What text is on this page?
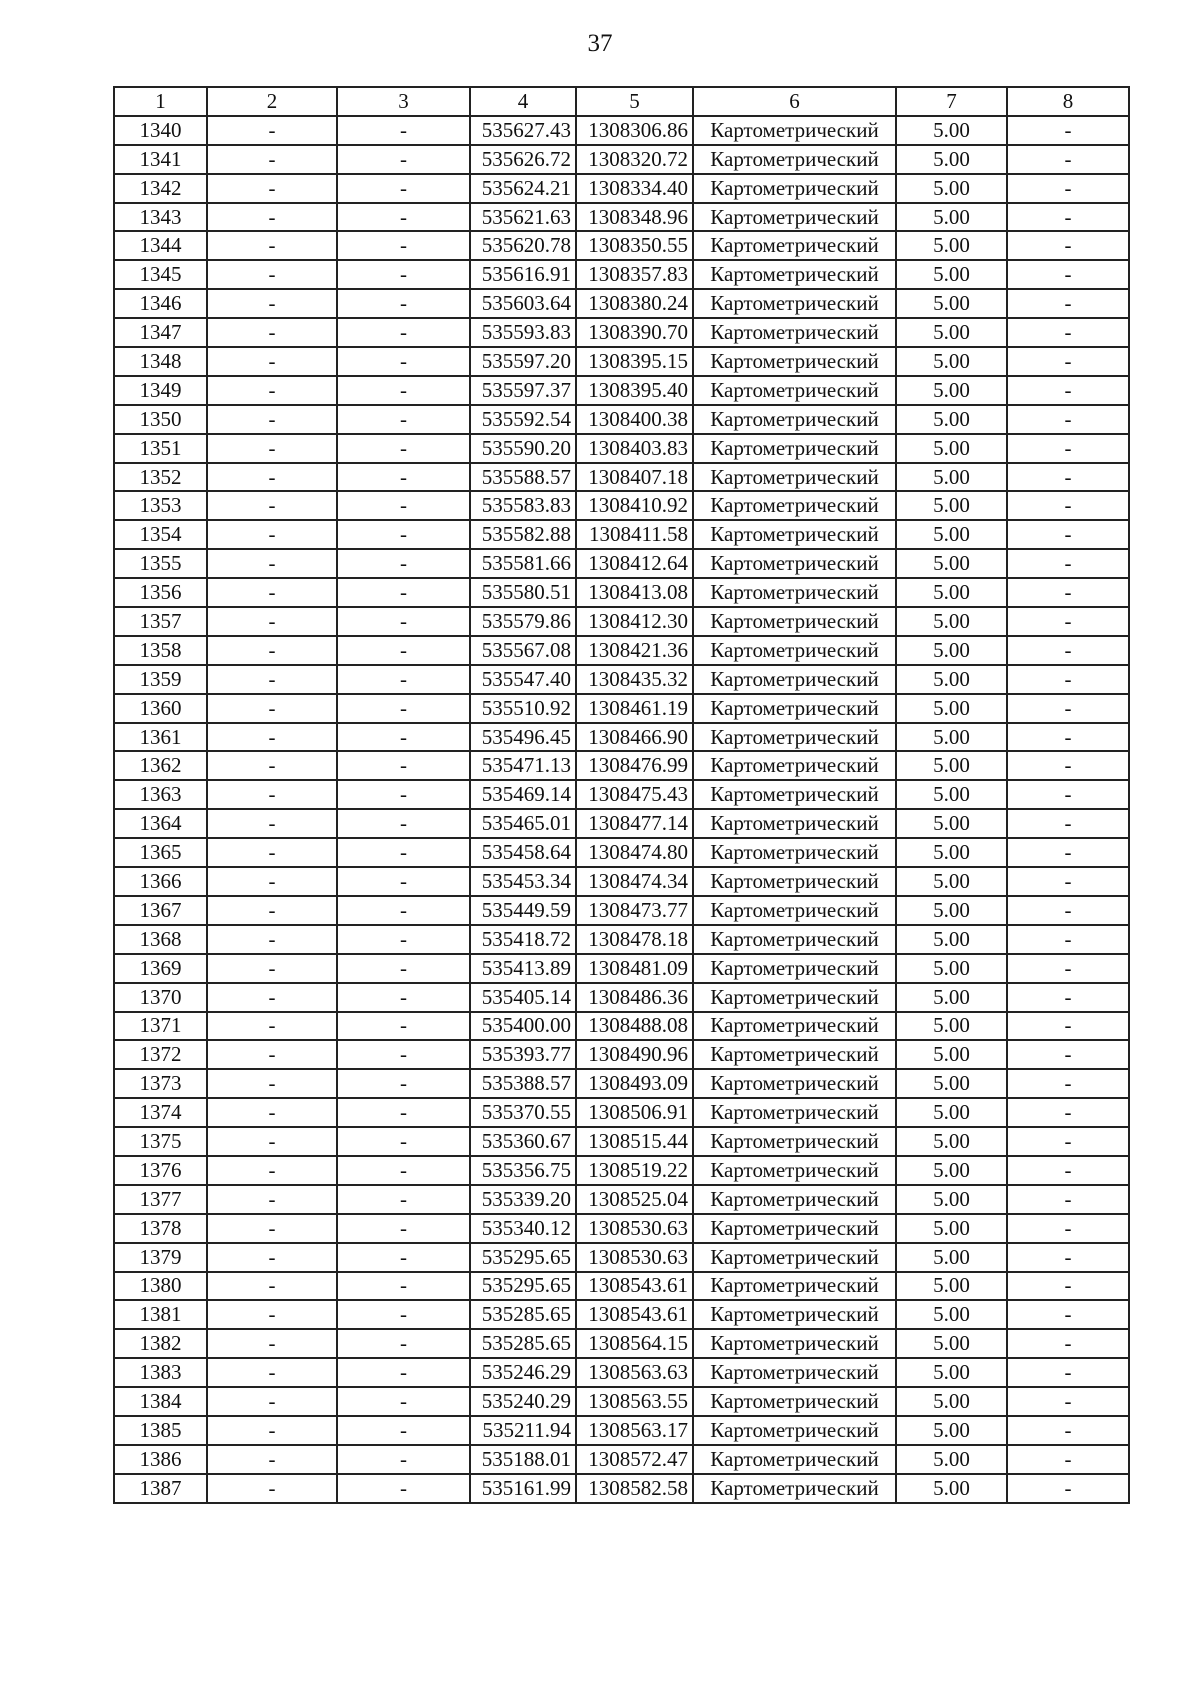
37
1	2	3	4	5	6	7	8
1340	-	-	535627.43	1308306.86	Картометрический	5.00	-
1341	-	-	535626.72	1308320.72	Картометрический	5.00	-
1342	-	-	535624.21	1308334.40	Картометрический	5.00	-
1343	-	-	535621.63	1308348.96	Картометрический	5.00	-
1344	-	-	535620.78	1308350.55	Картометрический	5.00	-
1345	-	-	535616.91	1308357.83	Картометрический	5.00	-
1346	-	-	535603.64	1308380.24	Картометрический	5.00	-
1347	-	-	535593.83	1308390.70	Картометрический	5.00	-
1348	-	-	535597.20	1308395.15	Картометрический	5.00	-
1349	-	-	535597.37	1308395.40	Картометрический	5.00	-
1350	-	-	535592.54	1308400.38	Картометрический	5.00	-
1351	-	-	535590.20	1308403.83	Картометрический	5.00	-
1352	-	-	535588.57	1308407.18	Картометрический	5.00	-
1353	-	-	535583.83	1308410.92	Картометрический	5.00	-
1354	-	-	535582.88	1308411.58	Картометрический	5.00	-
1355	-	-	535581.66	1308412.64	Картометрический	5.00	-
1356	-	-	535580.51	1308413.08	Картометрический	5.00	-
1357	-	-	535579.86	1308412.30	Картометрический	5.00	-
1358	-	-	535567.08	1308421.36	Картометрический	5.00	-
1359	-	-	535547.40	1308435.32	Картометрический	5.00	-
1360	-	-	535510.92	1308461.19	Картометрический	5.00	-
1361	-	-	535496.45	1308466.90	Картометрический	5.00	-
1362	-	-	535471.13	1308476.99	Картометрический	5.00	-
1363	-	-	535469.14	1308475.43	Картометрический	5.00	-
1364	-	-	535465.01	1308477.14	Картометрический	5.00	-
1365	-	-	535458.64	1308474.80	Картометрический	5.00	-
1366	-	-	535453.34	1308474.34	Картометрический	5.00	-
1367	-	-	535449.59	1308473.77	Картометрический	5.00	-
1368	-	-	535418.72	1308478.18	Картометрический	5.00	-
1369	-	-	535413.89	1308481.09	Картометрический	5.00	-
1370	-	-	535405.14	1308486.36	Картометрический	5.00	-
1371	-	-	535400.00	1308488.08	Картометрический	5.00	-
1372	-	-	535393.77	1308490.96	Картометрический	5.00	-
1373	-	-	535388.57	1308493.09	Картометрический	5.00	-
1374	-	-	535370.55	1308506.91	Картометрический	5.00	-
1375	-	-	535360.67	1308515.44	Картометрический	5.00	-
1376	-	-	535356.75	1308519.22	Картометрический	5.00	-
1377	-	-	535339.20	1308525.04	Картометрический	5.00	-
1378	-	-	535340.12	1308530.63	Картометрический	5.00	-
1379	-	-	535295.65	1308530.63	Картометрический	5.00	-
1380	-	-	535295.65	1308543.61	Картометрический	5.00	-
1381	-	-	535285.65	1308543.61	Картометрический	5.00	-
1382	-	-	535285.65	1308564.15	Картометрический	5.00	-
1383	-	-	535246.29	1308563.63	Картометрический	5.00	-
1384	-	-	535240.29	1308563.55	Картометрический	5.00	-
1385	-	-	535211.94	1308563.17	Картометрический	5.00	-
1386	-	-	535188.01	1308572.47	Картометрический	5.00	-
1387	-	-	535161.99	1308582.58	Картометрический	5.00	-
